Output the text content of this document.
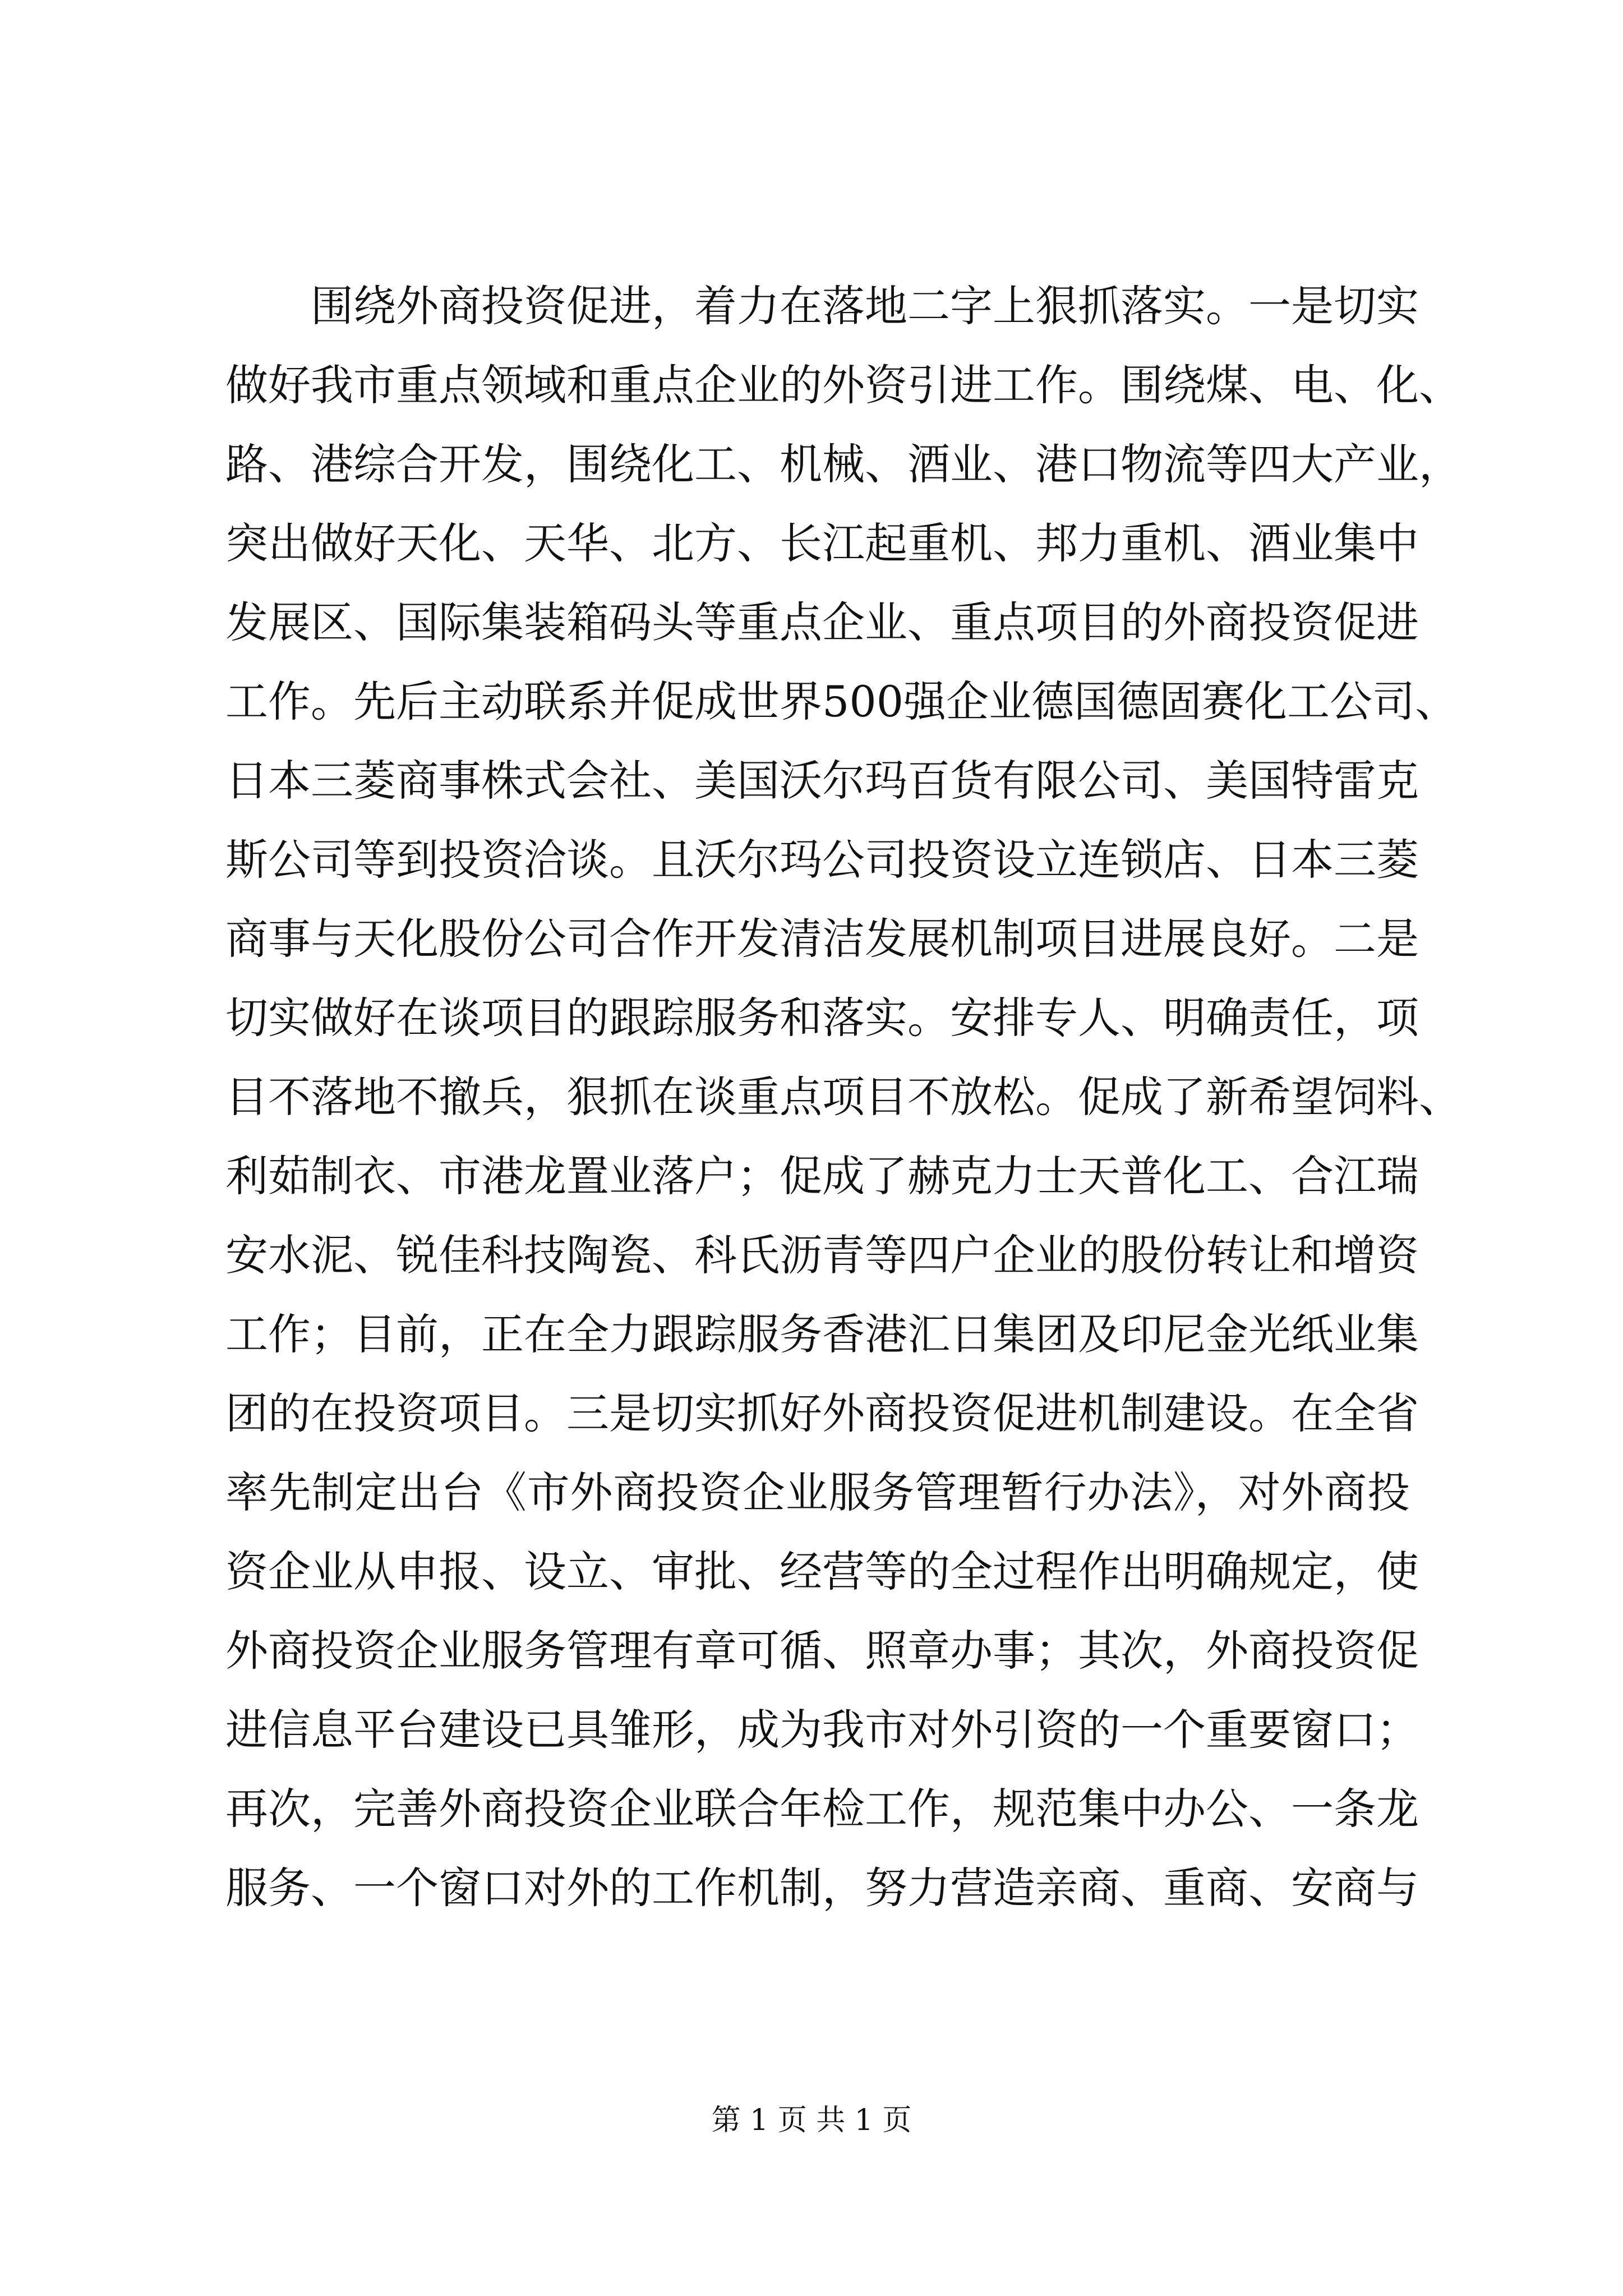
围绕外商投资促进，着力在落地二字上狠抓落实。一是切实
做好我市重点领域和重点企业的外资引进工作。围绕煤、电、化、
路、港综合开发，围绕化工、机械、酒业、港口物流等四大产业，
突出做好天化、天华、北方、长江起重机、邦力重机、酒业集中
发展区、国际集装箱码头等重点企业、重点项目的外商投资促进
工作。先后主动联系并促成世界500强企业德国德固赛化工公司、
日本三菱商事株式会社、美国沃尔玛百货有限公司、美国特雷克
斯公司等到投资洽谈。且沃尔玛公司投资设立连锁店、日本三菱
商事与天化股份公司合作开发清洁发展机制项目进展良好。二是
切实做好在谈项目的跟踪服务和落实。安排专人、明确责任，项
目不落地不撤兵，狠抓在谈重点项目不放松。促成了新希望饲料、
利茹制衣、市港龙置业落户；促成了赫克力士天普化工、合江瑞
安水泥、锐佳科技陶瓷、科氏沥青等四户企业的股份转让和增资
工作；目前，正在全力跟踪服务香港汇日集团及印尼金光纸业集
团的在投资项目。三是切实抓好外商投资促进机制建设。在全省
率先制定出台《市外商投资企业服务管理暂行办法》，对外商投
资企业从申报、设立、审批、经营等的全过程作出明确规定，使
外商投资企业服务管理有章可循、照章办事；其次，外商投资促
进信息平台建设已具雏形，成为我市对外引资的一个重要窗口；
再次，完善外商投资企业联合年检工作，规范集中办公、一条龙
服务、一个窗口对外的工作机制，努力营造亲商、重商、安商与
第 1 页 共 1 页
